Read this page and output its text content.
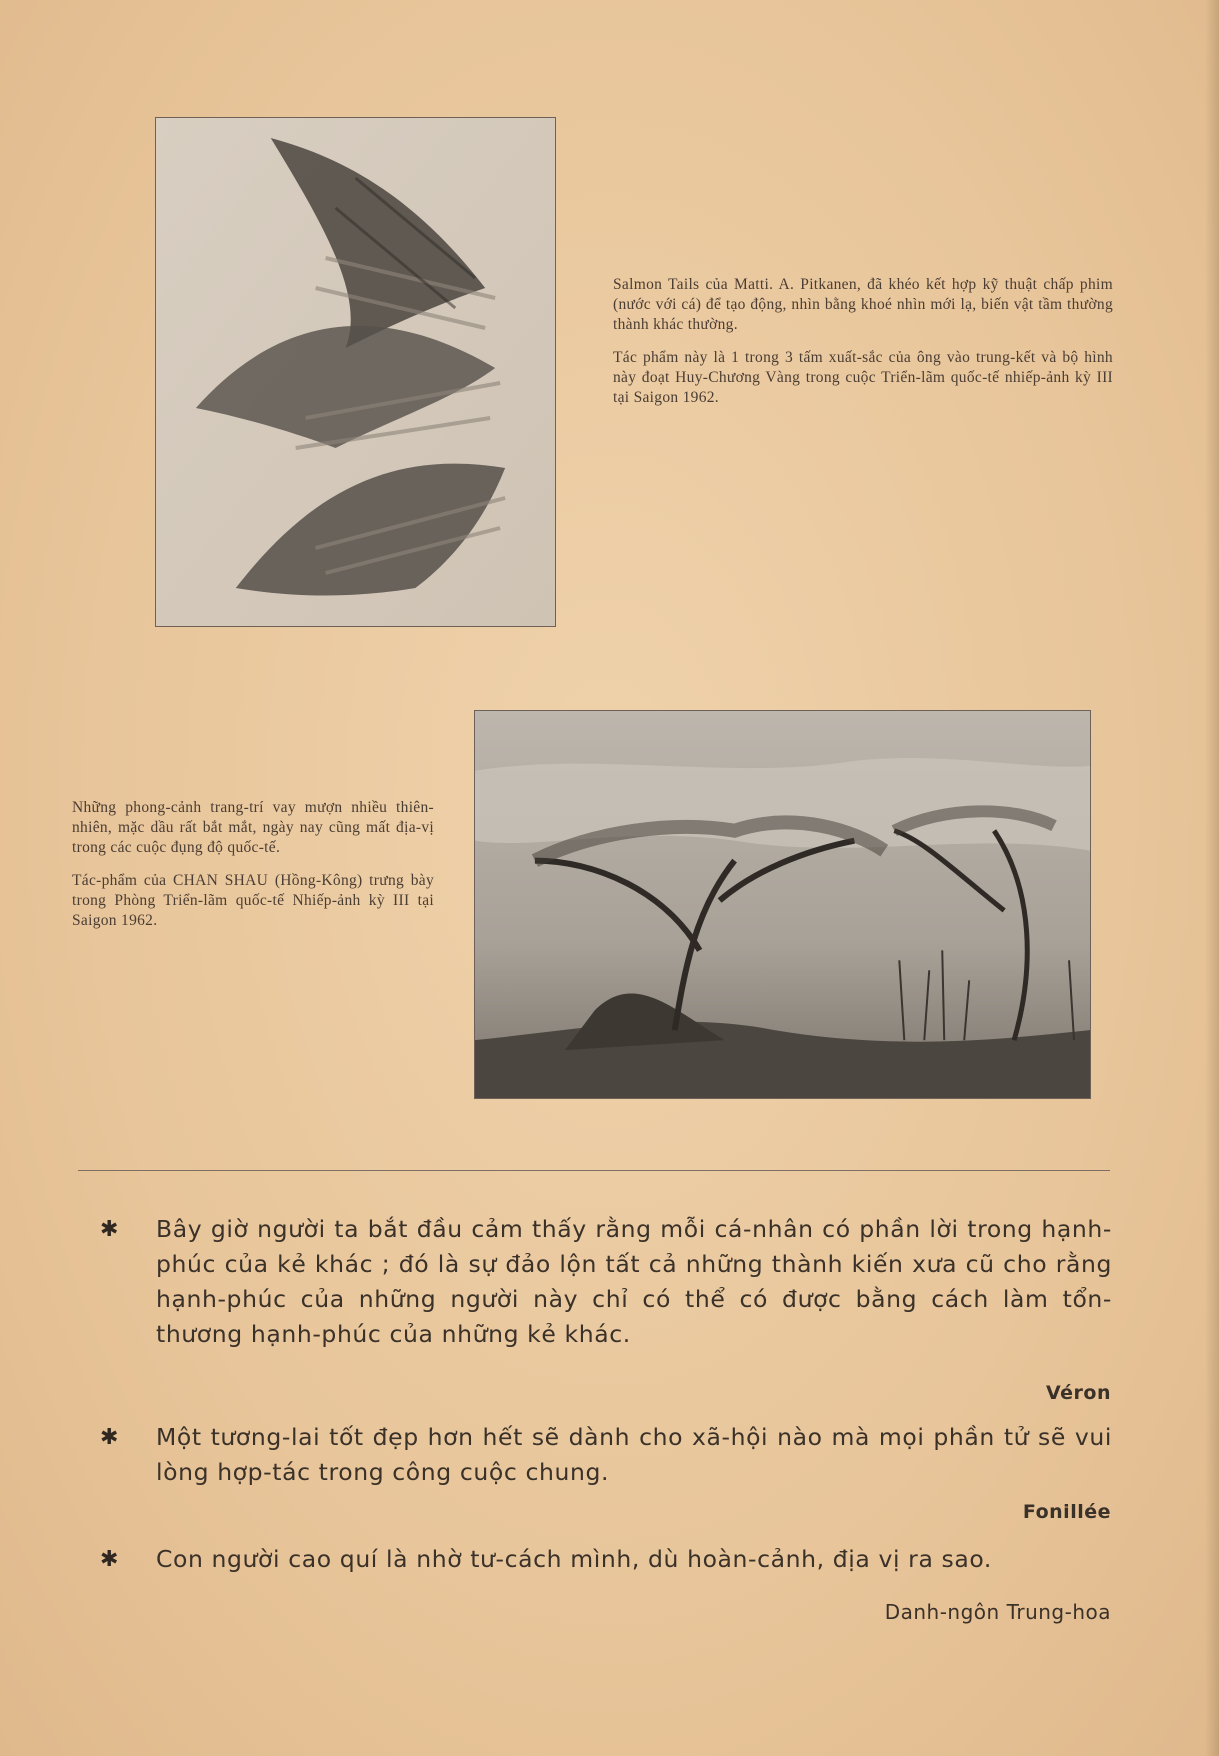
Salmon Tails của Matti. A. Pitkanen, đã khéo kết hợp kỹ thuật chấp phim (nước với cá) để tạo động, nhìn bằng khoé nhìn mới lạ, biến vật tầm thường thành khác thường.

Tác phẩm này là 1 trong 3 tấm xuất-sắc của ông vào trung-kết và bộ hình này đoạt Huy-Chương Vàng trong cuộc Triển-lãm quốc-tế nhiếp-ảnh kỳ III tại Saigon 1962.

Những phong-cảnh trang-trí vay mượn nhiều thiên-nhiên, mặc dầu rất bắt mắt, ngày nay cũng mất địa-vị trong các cuộc đụng độ quốc-tế.

Tác-phẩm của CHAN SHAU (Hồng-Kông) trưng bày trong Phòng Triển-lãm quốc-tế Nhiếp-ảnh kỳ III tại Saigon 1962.

✱	Bây giờ người ta bắt đầu cảm thấy rằng mỗi cá-nhân có phần lời trong hạnh-phúc của kẻ khác ; đó là sự đảo lộn tất cả những thành kiến xưa cũ cho rằng hạnh-phúc của những người này chỉ có thể có được bằng cách làm tổn-thương hạnh-phúc của những kẻ khác.
Véron
✱	Một tương-lai tốt đẹp hơn hết sẽ dành cho xã-hội nào mà mọi phần tử sẽ vui lòng hợp-tác trong công cuộc chung.
Fonillée
✱	Con người cao quí là nhờ tư-cách mình, dù hoàn-cảnh, địa vị ra sao.
Danh-ngôn Trung-hoa
